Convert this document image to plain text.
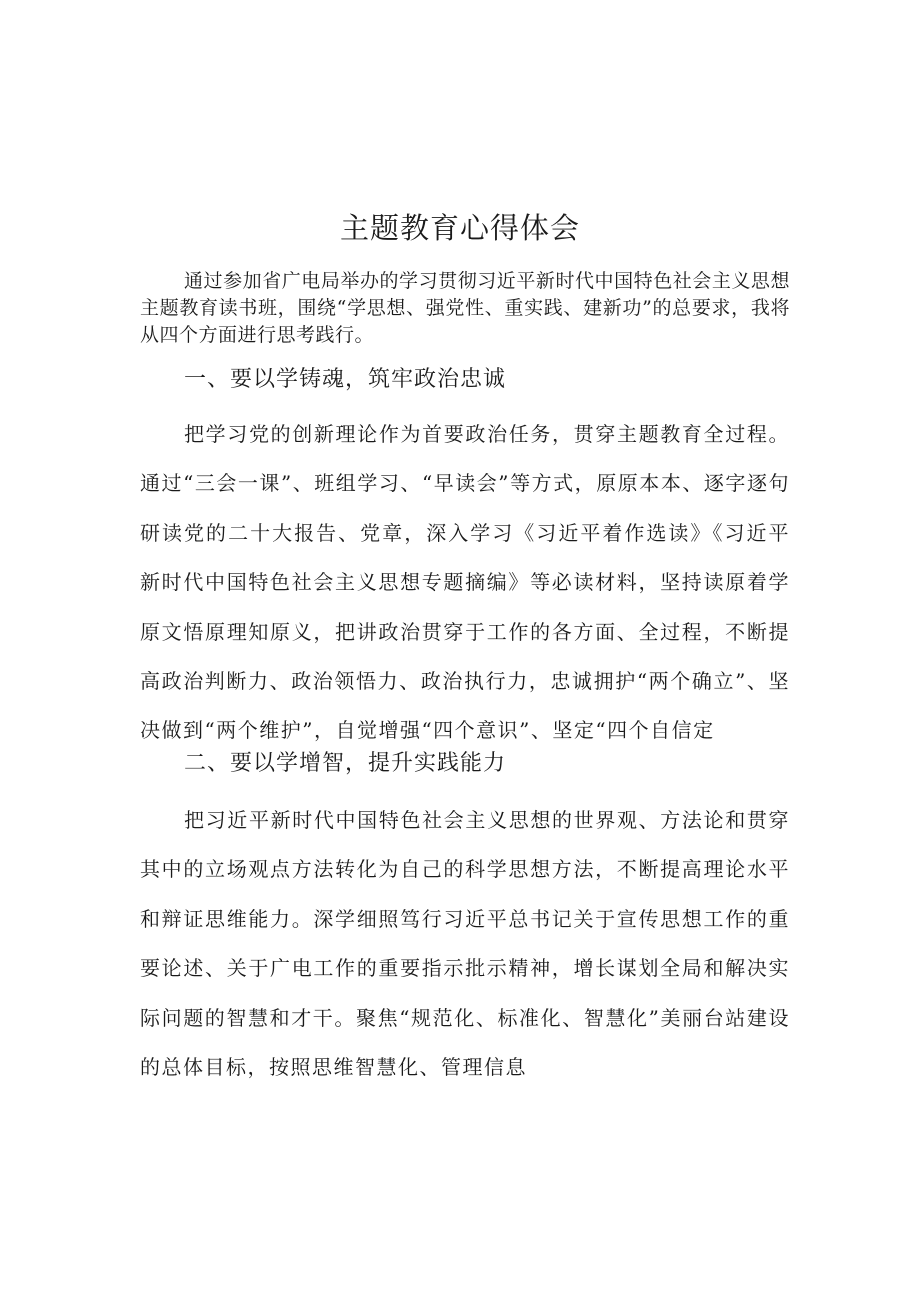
主题教育心得体会

通过参加省广电局举办的学习贯彻习近平新时代中国特色社会主义思想主题教育读书班，围绕“学思想、强党性、重实践、建新功”的总要求，我将从四个方面进行思考践行。

一、要以学铸魂，筑牢政治忠诚

把学习党的创新理论作为首要政治任务，贯穿主题教育全过程。通过“三会一课”、班组学习、“早读会”等方式，原原本本、逐字逐句研读党的二十大报告、党章，深入学习《习近平着作选读》《习近平新时代中国特色社会主义思想专题摘编》等必读材料，坚持读原着学原文悟原理知原义，把讲政治贯穿于工作的各方面、全过程，不断提高政治判断力、政治领悟力、政治执行力，忠诚拥护“两个确立”、坚决做到“两个维护”，自觉增强“四个意识”、坚定“四个自信定

二、要以学增智，提升实践能力

把习近平新时代中国特色社会主义思想的世界观、方法论和贯穿其中的立场观点方法转化为自己的科学思想方法，不断提高理论水平和辩证思维能力。深学细照笃行习近平总书记关于宣传思想工作的重要论述、关于广电工作的重要指示批示精神，增长谋划全局和解决实际问题的智慧和才干。聚焦“规范化、标准化、智慧化”美丽台站建设的总体目标，按照思维智慧化、管理信息
